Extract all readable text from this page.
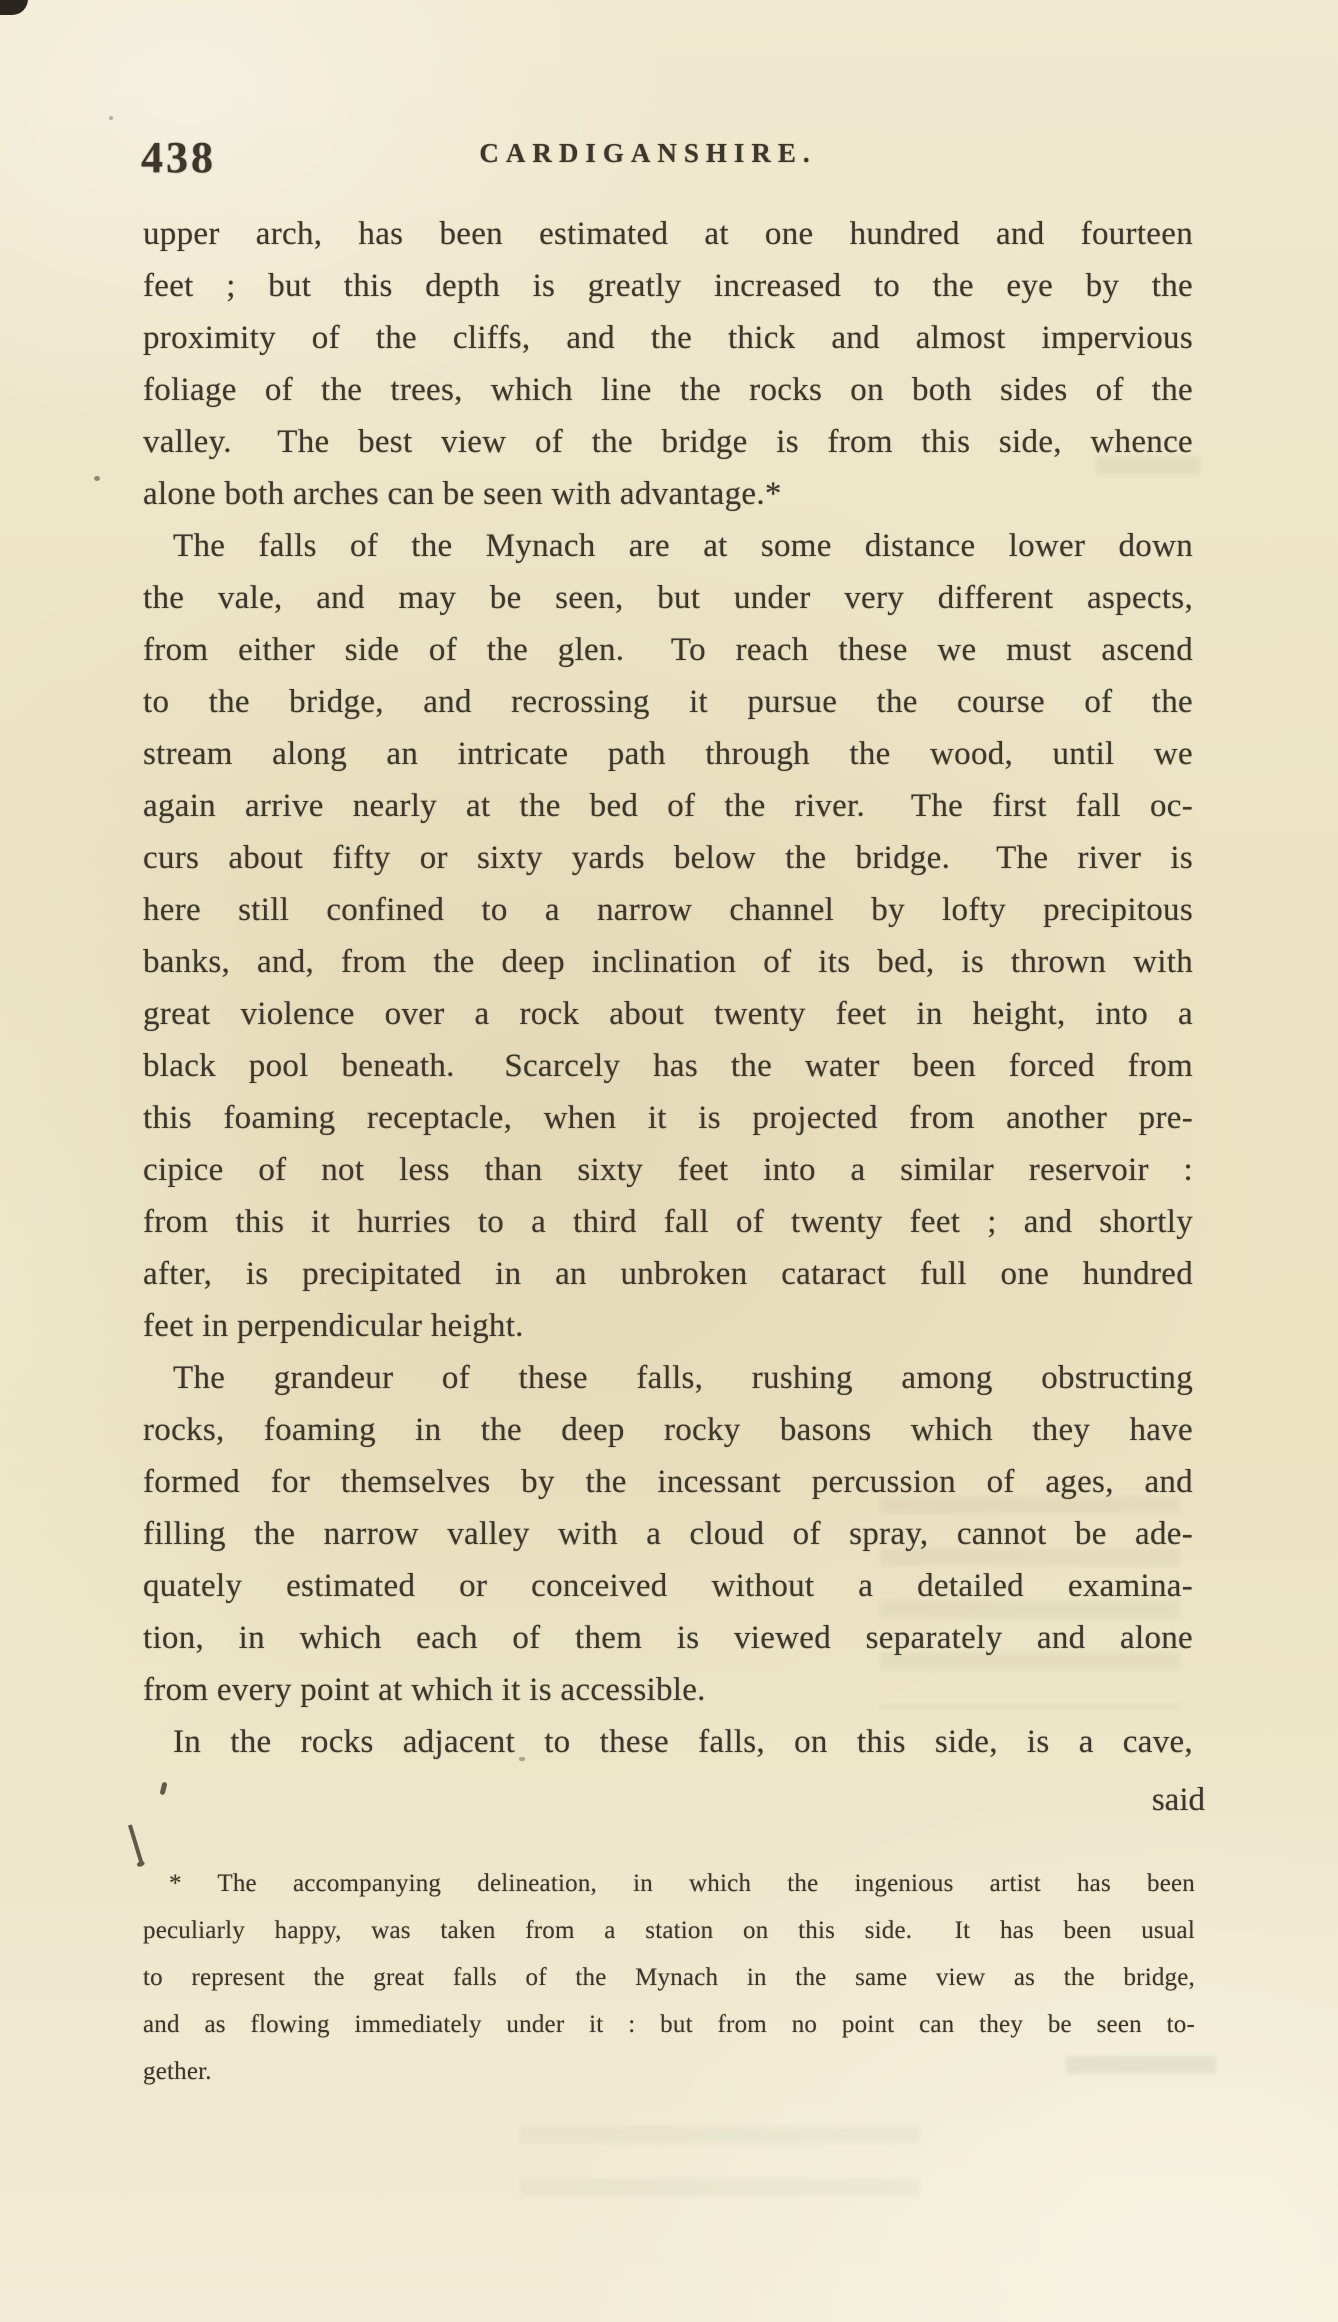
438	CARDIGANSHIRE.
upper arch, has been estimated at one hundred and fourteen
feet ; but this depth is greatly increased to the eye by the
proximity of the cliffs, and the thick and almost impervious
foliage of the trees, which line the rocks on both sides of the
valley.  The best view of the bridge is from this side, whence
alone both arches can be seen with advantage.*
The falls of the Mynach are at some distance lower down
the vale, and may be seen, but under very different aspects,
from either side of the glen.  To reach these we must ascend
to the bridge, and recrossing it pursue the course of the
stream along an intricate path through the wood, until we
again arrive nearly at the bed of the river.  The first fall oc-
curs about fifty or sixty yards below the bridge.  The river is
here still confined to a narrow channel by lofty precipitous
banks, and, from the deep inclination of its bed, is thrown with
great violence over a rock about twenty feet in height, into a
black pool beneath.  Scarcely has the water been forced from
this foaming receptacle, when it is projected from another pre-
cipice of not less than sixty feet into a similar reservoir :
from this it hurries to a third fall of twenty feet ; and shortly
after, is precipitated in an unbroken cataract full one hundred
feet in perpendicular height.
The grandeur of these falls, rushing among obstructing
rocks, foaming in the deep rocky basons which they have
formed for themselves by the incessant percussion of ages, and
filling the narrow valley with a cloud of spray, cannot be ade-
quately estimated or conceived without a detailed examina-
tion, in which each of them is viewed separately and alone
from every point at which it is accessible.
In the rocks adjacent to these falls, on this side, is a cave,
said
* The accompanying delineation, in which the ingenious artist has been
peculiarly happy, was taken from a station on this side.  It has been usual
to represent the great falls of the Mynach in the same view as the bridge,
and as flowing immediately under it : but from no point can they be seen to-
gether.
